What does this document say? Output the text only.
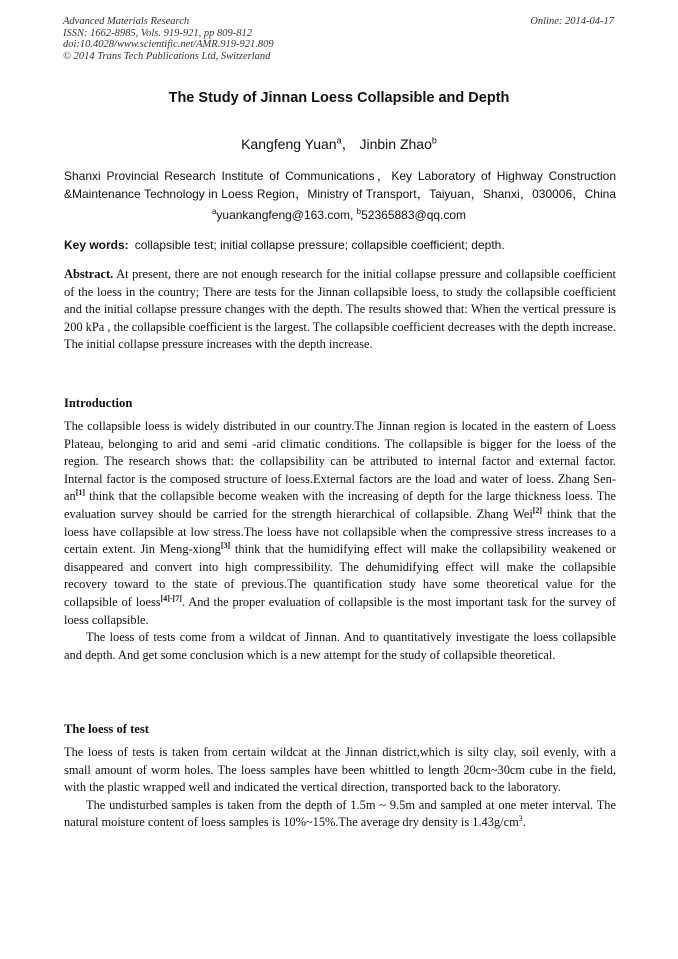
Advanced Materials Research
ISSN: 1662-8985, Vols. 919-921, pp 809-812
doi:10.4028/www.scientific.net/AMR.919-921.809
© 2014 Trans Tech Publications Ltd, Switzerland
Online: 2014-04-17
The Study of Jinnan Loess Collapsible and Depth
Kangfeng Yuan$^a$， Jinbin Zhao$^b$
Shanxi Provincial Research Institute of Communications，Key Laboratory of Highway Construction
&Maintenance Technology in Loess Region，Ministry of Transport，Taiyuan，Shanxi，030006，China
$^a$yuankangfeng@163.com, $^b$52365883@qq.com
Key words: collapsible test; initial collapse pressure; collapsible coefficient; depth.

Abstract. At present, there are not enough research for the initial collapse pressure and collapsible coefficient of the loess in the country; There are tests for the Jinnan collapsible loess, to study the collapsible coefficient and the initial collapse pressure changes with the depth. The results showed that: When the vertical pressure is 200 kPa , the collapsible coefficient is the largest. The collapsible coefficient decreases with the depth increase. The initial collapse pressure increases with the depth increase.

Introduction

The collapsible loess is widely distributed in our country.The Jinnan region is located in the eastern of Loess Plateau, belonging to arid and semi -arid climatic conditions. The collapsible is bigger for the loess of the region. The research shows that: the collapsibility can be attributed to internal factor and external factor. Internal factor is the composed structure of loess.External factors are the load and water of loess. Zhang Sen-an[1] think that the collapsible become weaken with the increasing of depth for the large thickness loess. The evaluation survey should be carried for the strength hierarchical of collapsible. Zhang Wei[2] think that the loess have collapsible at low stress.The loess have not collapsible when the compressive stress increases to a certain extent. Jin Meng-xiong[3] think that the humidifying effect will make the collapsibility weakened or disappeared and convert into high compressibility. The dehumidifying effect will make the collapsible recovery toward to the state of previous.The quantification study have some theoretical value for the collapsible of loess[4]-[7]. And the proper evaluation of collapsible is the most important task for the survey of loess collapsible.

The loess of tests come from a wildcat of Jinnan. And to quantitatively investigate the loess collapsible and depth. And get some conclusion which is a new attempt for the study of collapsible theoretical.

The loess of test

The loess of tests is taken from certain wildcat at the Jinnan district,which is silty clay, soil evenly, with a small amount of worm holes. The loess samples have been whittled to length 20cm~30cm cube in the field, with the plastic wrapped well and indicated the vertical direction, transported back to the laboratory.

The undisturbed samples is taken from the depth of 1.5m ~ 9.5m and sampled at one meter interval. The natural moisture content of loess samples is 10%~15%.The average dry density is $1.43g/cm^3$.
